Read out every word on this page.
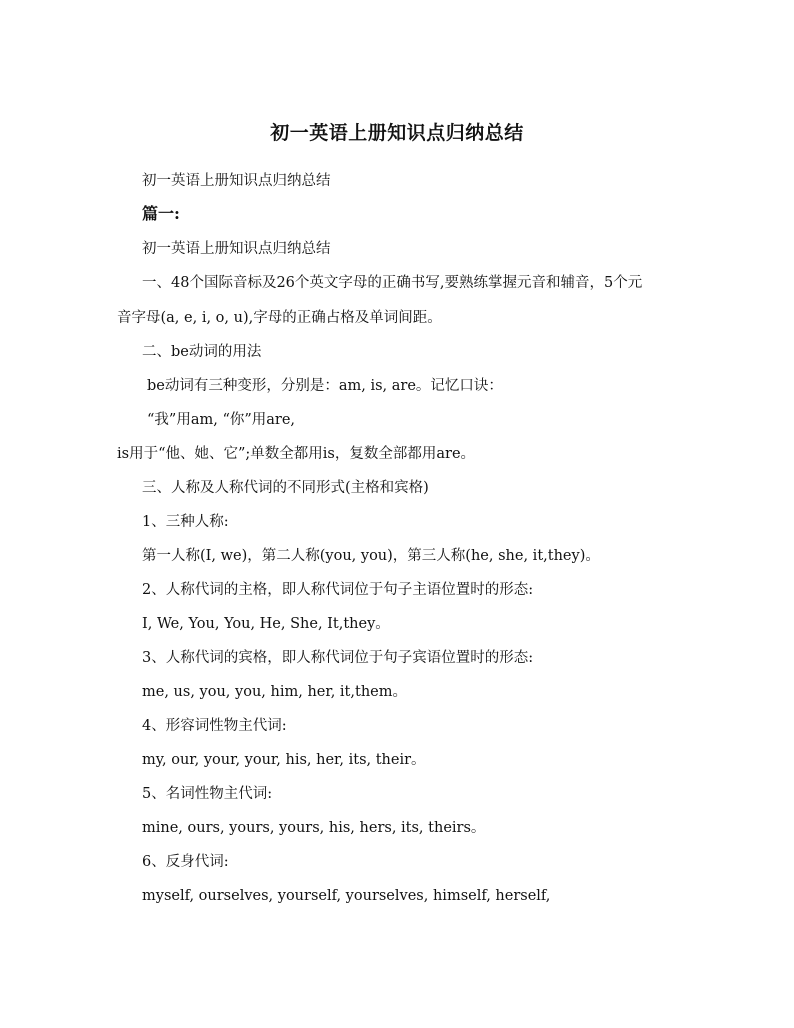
初一英语上册知识点归纳总结
初一英语上册知识点归纳总结
篇一:
初一英语上册知识点归纳总结
一、48个国际音标及26个英文字母的正确书写,要熟练掌握元音和辅音，5个元
音字母(a, e, i, o, u),字母的正确占格及单词间距。
二、be动词的用法
be动词有三种变形，分别是：am, is, are。记忆口诀：
“我”用am, “你”用are,
is用于“他、她、它”;单数全都用is，复数全部都用are。
三、人称及人称代词的不同形式(主格和宾格)
1、三种人称:
第一人称(I, we)，第二人称(you, you)，第三人称(he, she, it,they)。
2、人称代词的主格，即人称代词位于句子主语位置时的形态:
I, We, You, You, He, She, It,they。
3、人称代词的宾格，即人称代词位于句子宾语位置时的形态:
me, us, you, you, him, her, it,them。
4、形容词性物主代词:
my, our, your, your, his, her, its, their。
5、名词性物主代词:
mine, ours, yours, yours, his, hers, its, theirs。
6、反身代词:
myself, ourselves, yourself, yourselves, himself, herself,
